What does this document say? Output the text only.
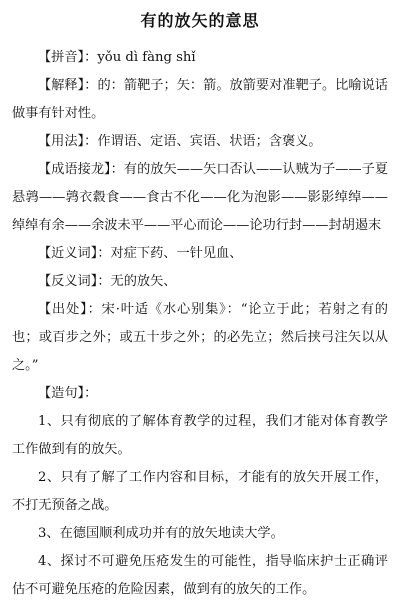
有的放矢的意思

【拼音】：yǒu dì fàng shǐ

【解释】：的：箭靶子；矢：箭。放箭要对准靶子。比喻说话做事有针对性。

【用法】：作谓语、定语、宾语、状语；含褒义。

【成语接龙】：有的放矢——矢口否认——认贼为子——子夏悬鹑——鹑衣縠食——食古不化——化为泡影——影影绰绰——绰绰有余——余波未平——平心而论——论功行封——封胡遏末

【近义词】：对症下药、一针见血、

【反义词】：无的放矢、

【出处】：宋·叶适《水心别集》：“论立于此；若射之有的也；或百步之外；或五十步之外；的必先立；然后挟弓注矢以从之。”

【造句】：

1、只有彻底的了解体育教学的过程，我们才能对体育教学工作做到有的放矢。

2、只有了解了工作内容和目标，才能有的放矢开展工作，不打无预备之战。

3、在德国顺利成功并有的放矢地读大学。

4、探讨不可避免压疮发生的可能性，指导临床护士正确评估不可避免压疮的危险因素，做到有的放矢的工作。
